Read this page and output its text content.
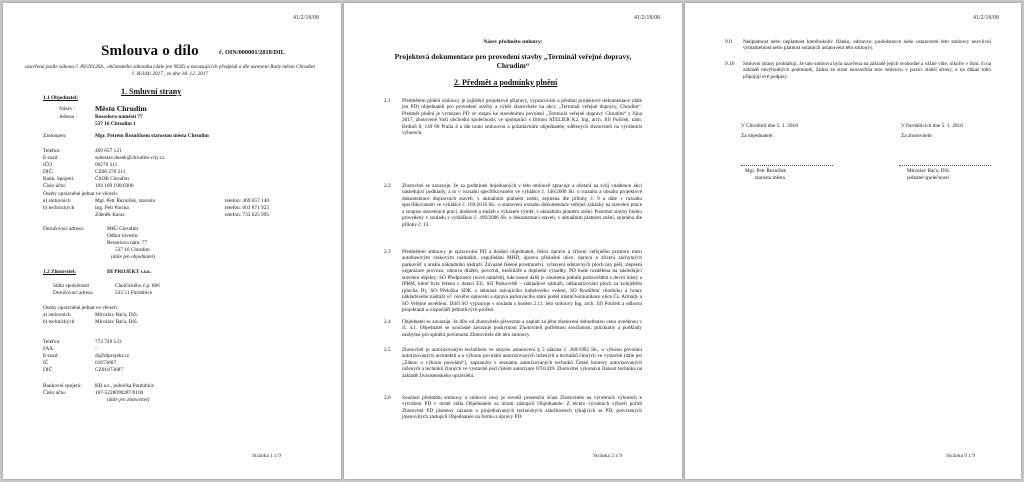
41/2/18/08
Smlouva o dílo	č. OIN/000001/2018/DIL
uzavřená podle zákona č. 89/2012Sb., občanského zákoníku (dále jen NOZ) a navazujících předpisů a dle usnesení Rady města Chrudim č. R/344/.2017 , ze dne 18. 12. 2017
1. Smluvní strany
1.1 Objednatel:
Název :	Město Chrudim
Adresa :	Resselovo náměstí 77
537 16 Chrudim 1
Zastoupen:	Mgr. Petrem Řezníčkem starostou města Chrudim
Telefon:	469 657 121
E-mail:	sobeslav.dusek@chrudim-city.cz
IČO	00270 211
DIČ:	CZ00 270 211
Bank. Spojení:	ČSOB Chrudim
Číslo účtu:	104 109 190/0300
Osoby oprávněné jednat ve věcech:
a) smluvních	Mgr. Petr Řezníček, starosta	telefon: 469 657 140
b) technických	Ing. Petr Pacina	telefon: 603 871 923
Zdeněk Karas	telefon: 733 625 995
Doručovací adresa:	MěÚ Chrudim
Odbor investic
Resselovo nám. 77
537 16 Chrudim
(dále jen objednatel)
1.2 Zhotovitel:	DI PROJEKT s.r.o.
Sídlo společnosti	Chelčického č.p. 686
Doručovací adresa	533 51 Pardubice
Osoby oprávněné jednat ve věcech:
a) smluvních	Miroslav Baťa, DiS.
b) technických	Miroslav Baťa, DiS.
Telefon:	773 749 123
FAX:	-
E-mail:	di@diprojekt.cz
IČ	01873687
DIČ	CZ01873687
Bankovní spojení:	KB a.s., pobočka Pardubice
Číslo účtu:	107-5228090287/0100
(dále jen zhotovitel)
Stránka 1 z 9
41/2/18/08
Název předmětu smlouvy:
Projektová dokumentace pro provedení stavby „Terminál veřejné dopravy, Chrudim“
2. Předmět a podmínky plnění
2.1 Předmětem plnění smlouvy je zajištění projektové přípravy, vypracování a předání projektové dokumentace (dále jen PD) objednateli pro provedení stavby a výběr zhotovitele na akci: „Terminál veřejné dopravy, Chrudim“. Předmět plnění je vymezen PD ve stupni ke stavebnímu povolení „Terminál veřejné dopravy Chrudim“ z října 2017, zhotovené Vaší obchodní společností, ve spolupráci s firmou ATELIER K2, Ing. arch. Jiří Poliček, nám. Hrdinů 8, 140 00 Praha 4 a dle touto smlouvou a požadavkům objednatele, sdělených zhotoviteli na výrobních výborech.
2.2 Zhotovitel se zavazuje, že za podmínek dojednaných v této smlouvě zpracuje a obstará na svůj vnadenou akci následující podklady, a to v rozsahu specifikovaném ve vyhlášce č. 146/2008 Sb. o rozsahu a obsahu projektové dokumentace dopravních staveb, v aktuálním platném znění, zejména dle přílohy č. 9 a dále v rozsahu specifikovaném ve vyhlášce č. 169/2016 Sb., o stanovení rozsahu dokumentace veřejné zakázky na stavební práce a soupisu stavebních prací, dodávek a služeb s výkazem výměr, v aktuálním platném znění. Pozemní stavby budou provedeny v souladu s vyhláškou č. 499/2006 Sb. o dokumentaci staveb, v aktuálním platném znění, zejména dle přílohy č. 13.
2.3 Předmětem smlouvy je zpracování PD a dodání objednateli, řešící úpravu a zřízení veřejného prostoru mezi autobusovým vlakovým nádražím, uspořádání MHD, úpravu příslušné ulice, úpravu a zřízení záchytných parkovišť a areálu nákladního nádraží. Závazně řešené prostranství, vybavení odstavných ploch pro pěší, zlepšení organizace provozu, obnova dlažeb, povrchů, mobiliáře a doplnění výsadby. PD bude rozdělena na následující stavební objekty: SO Předprostor (nové náměstí), kde nosné další je zásobeno jedním parkovištěm s devíti místy a IPRM, které byla řešena z dotací EU, SO Parkoviště – nákladové nádraží, odkanalizování ploch za kolejištěm (plocha D), SO Přeložka SDK a sehnaná stávajícího kabelového vedení, SO Rozšíření chodníku a hrany nákladového nádraží vč. nového oplocení a úprava parkovacího stání podél místní komunikace ulice Čs. Armády a SO Veřejné osvětlení. Dílčí SO vypracuje v souladu s bodem 2.11. této smlouvy Ing. arch. Jiří Poliček a odborní projektanti a rozpočtáři jednotlivých profesí.
2.4 Objednatel se zavazuje, že dílo od zhotovitele převezme a zaplatí za jeho zhotovení dohodnutou cenu uvedenou v čl. 4.1. Objednatel se současně zavazuje poskytnout Zhotoviteli potřebnou součinnost, průzkumy a podklady nezbytné pro splnění povinností Zhotovitele dle této smlouvy.
2.5 Zhotovitel je autorizovaným technikem ve smyslu ustanovení § 5 zákona č. 360/1992 Sb., o výkonu povolání autorizovaných architektů a o výkonu povolání autorizovaných inženýrů a techniků činných ve výstavbě (dále jen „Zákon o výkonu povolání“), zapsaným v seznamu autorizovaných techniků České komory autorizovaných inženýrů a techniků činných ve výstavbě pod číslem autorizace 0701439. Zhotovitel vykonává činnost technika na základě živnostenského oprávnění.
2.6 Součástí předmětu smlouvy a smluvní ceny je rovněž prezenční účast Zhotovitele na výrobních výborech k vytváření PD v místě sídla Objednatele za účasti zástupců Objednatele. Z těchto výrobních výborů pořídí Zhotovitel PD písemný záznam o projednávaných technických záležitostech týkajících se PD, potvrzených jmenovitých zástupců Objednatele na formu a úpravy PD.
Stránka 2 z 9
41/2/18/08
9.9 Neúplatnost nebo neplatnost kteréhokoliv článku, odstavce, pododstavce nebo ustanovení této smlouvy nezvlivní vymatitelnost nebo platnost ostatních ustanovení této smlouvy.
9.10 Smluvní strany prohlašují, že tato smlouva byla uzavřena na základě jejich svobodné a vážné vůle, nikoliv v tísni, či na základě nevýhodných podmínek, žádná ze stran neuzavřela tuto smlouvu v pozici slabší strany, a na důkaz toho připojují své podpisy.
V Chrudimi dne 5. 1. 2018	V Pardubicích dne 5. 1. 2018
Za objednatele:	Za zhotovitele:
Mgr. Petr Řezníček
starosta města
Miroslav Baťa, DiS.
jednatel společnosti
Stránka 9 z 9
